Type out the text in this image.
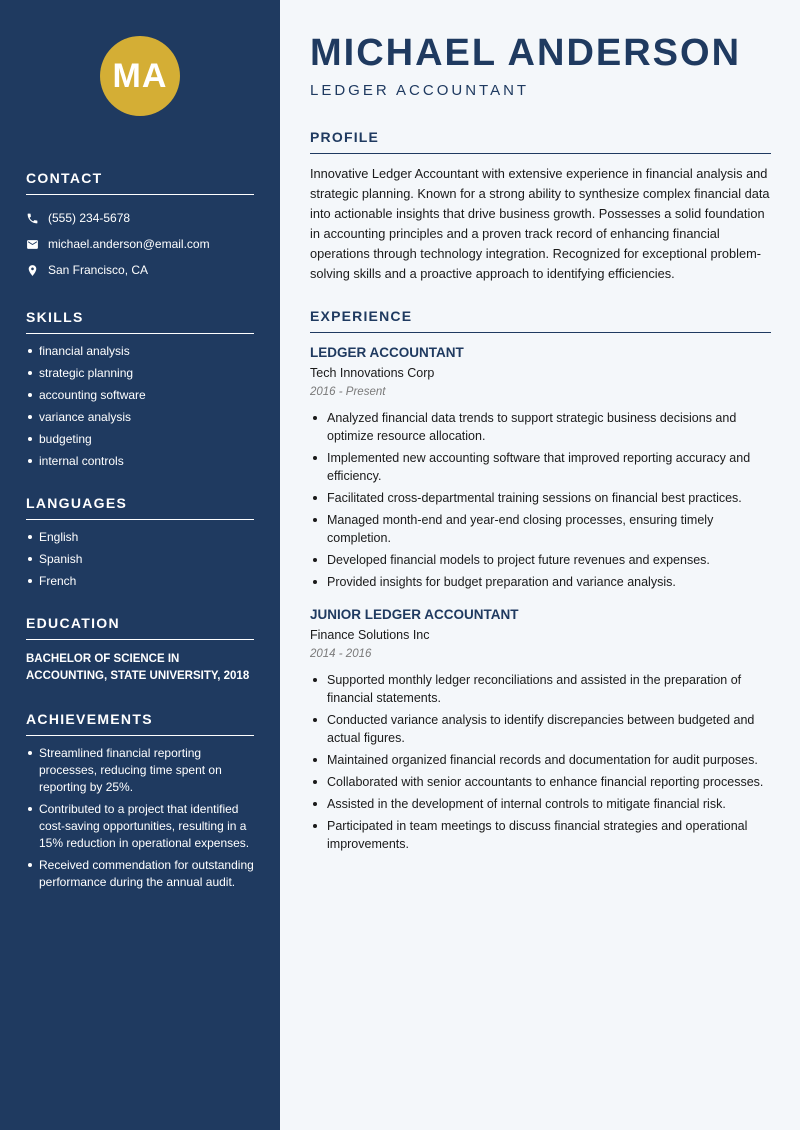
MA
CONTACT
(555) 234-5678
michael.anderson@email.com
San Francisco, CA
SKILLS
financial analysis
strategic planning
accounting software
variance analysis
budgeting
internal controls
LANGUAGES
English
Spanish
French
EDUCATION
BACHELOR OF SCIENCE IN ACCOUNTING, STATE UNIVERSITY, 2018
ACHIEVEMENTS
Streamlined financial reporting processes, reducing time spent on reporting by 25%.
Contributed to a project that identified cost-saving opportunities, resulting in a 15% reduction in operational expenses.
Received commendation for outstanding performance during the annual audit.
MICHAEL ANDERSON
LEDGER ACCOUNTANT
PROFILE

Innovative Ledger Accountant with extensive experience in financial analysis and strategic planning. Known for a strong ability to synthesize complex financial data into actionable insights that drive business growth. Possesses a solid foundation in accounting principles and a proven track record of enhancing financial operations through technology integration. Recognized for exceptional problem-solving skills and a proactive approach to identifying efficiencies.

EXPERIENCE
LEDGER ACCOUNTANT
Tech Innovations Corp
2016 - Present
Analyzed financial data trends to support strategic business decisions and optimize resource allocation.
Implemented new accounting software that improved reporting accuracy and efficiency.
Facilitated cross-departmental training sessions on financial best practices.
Managed month-end and year-end closing processes, ensuring timely completion.
Developed financial models to project future revenues and expenses.
Provided insights for budget preparation and variance analysis.
JUNIOR LEDGER ACCOUNTANT
Finance Solutions Inc
2014 - 2016
Supported monthly ledger reconciliations and assisted in the preparation of financial statements.
Conducted variance analysis to identify discrepancies between budgeted and actual figures.
Maintained organized financial records and documentation for audit purposes.
Collaborated with senior accountants to enhance financial reporting processes.
Assisted in the development of internal controls to mitigate financial risk.
Participated in team meetings to discuss financial strategies and operational improvements.
